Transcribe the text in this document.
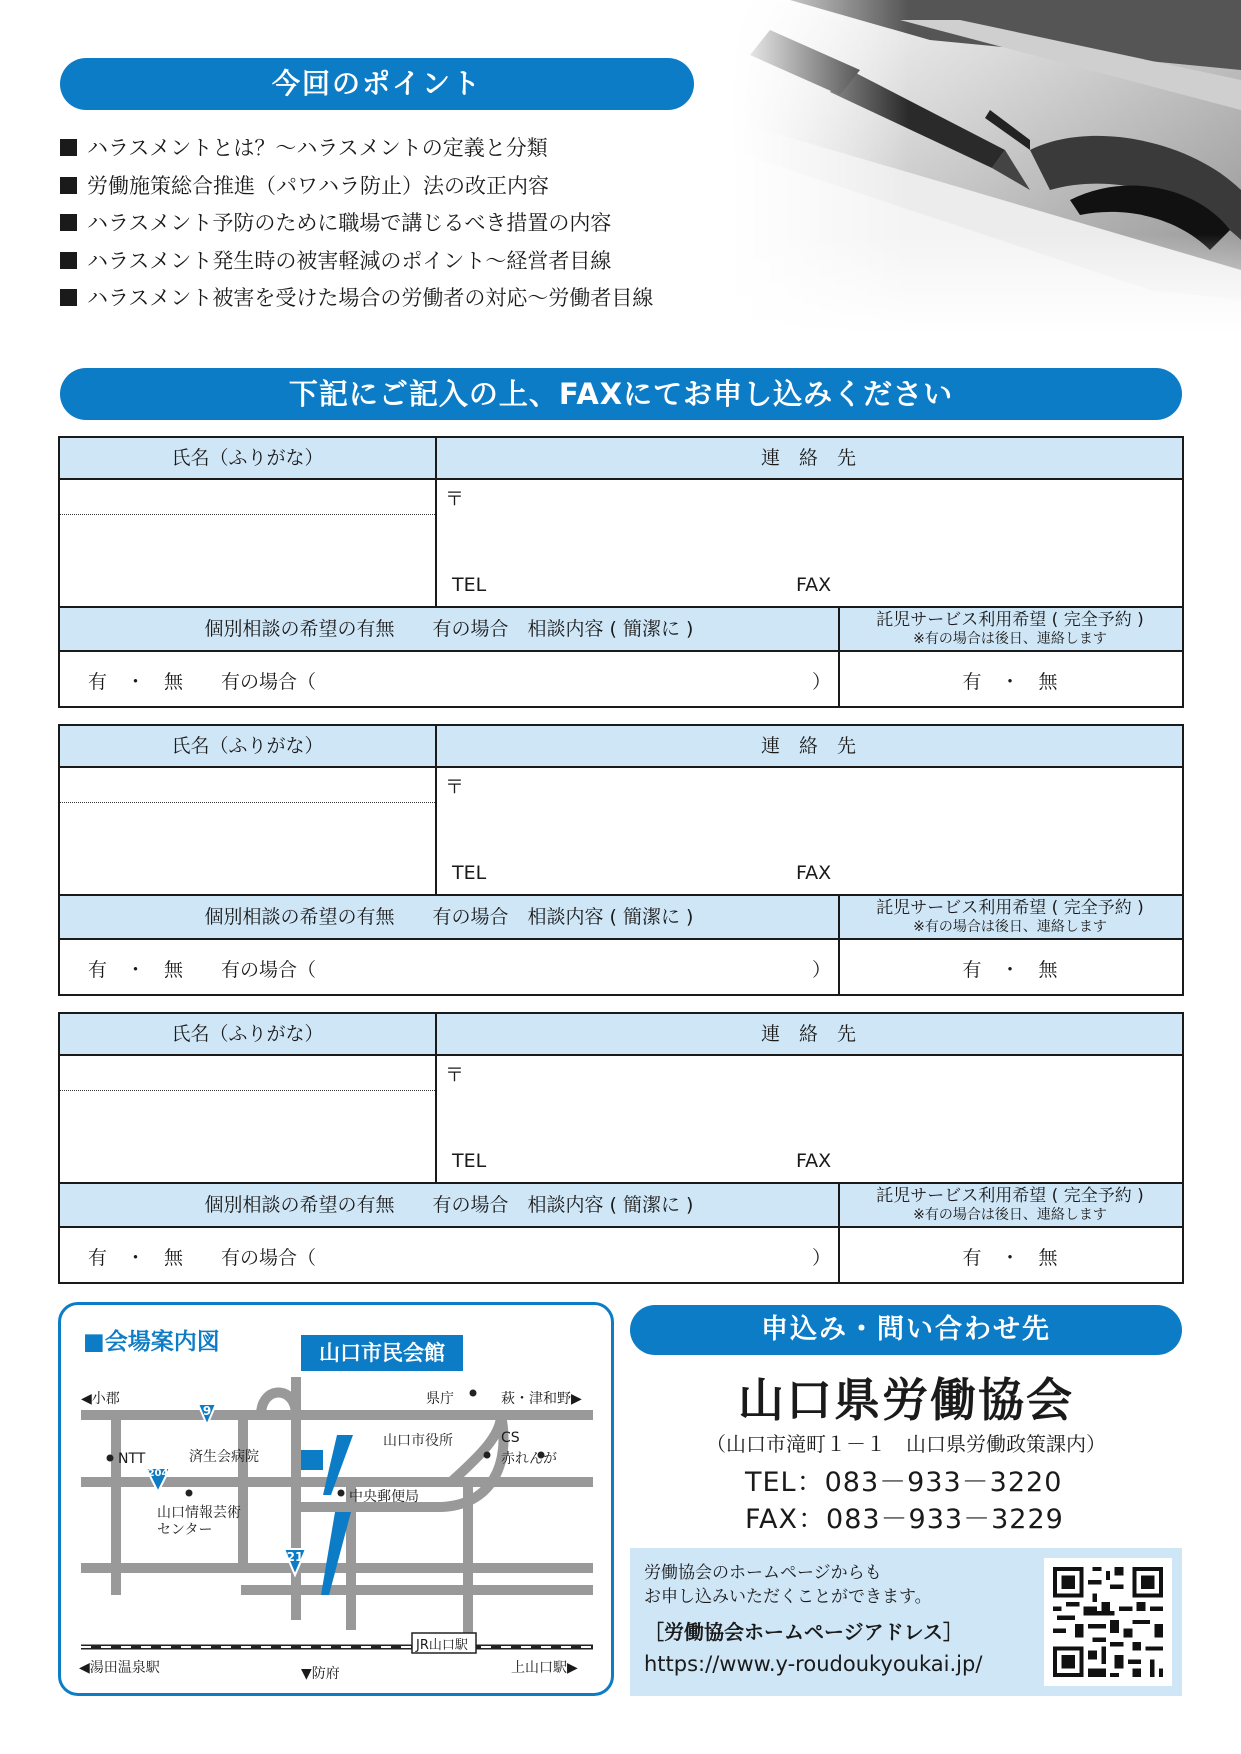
今回のポイント
ハラスメントとは？～ハラスメントの定義と分類
労働施策総合推進（パワハラ防止）法の改正内容
ハラスメント予防のために職場で講じるべき措置の内容
ハラスメント発生時の被害軽減のポイント～経営者目線
ハラスメント被害を受けた場合の労働者の対応～労働者目線
下記にご記入の上、FAXにてお申し込みください
氏名（ふりがな）	連　絡　先
〒
TEL	FAX
個別相談の希望の有無　　有の場合　相談内容 ( 簡潔に )	託児サービス利用希望 ( 完全予約 )
※有の場合は後日、連絡します
有　・　無　　有の場合（	）	有　・　無
氏名（ふりがな）	連　絡　先
〒
TEL	FAX
個別相談の希望の有無　　有の場合　相談内容 ( 簡潔に )	託児サービス利用希望 ( 完全予約 )
※有の場合は後日、連絡します
有　・　無　　有の場合（	）	有　・　無
氏名（ふりがな）	連　絡　先
〒
TEL	FAX
個別相談の希望の有無　　有の場合　相談内容 ( 簡潔に )	託児サービス利用希望 ( 完全予約 )
※有の場合は後日、連絡します
有　・　無　　有の場合（	）	有　・　無
■会場案内図	山口市民会館
9
204
21
◀小郡	県庁	萩・津和野▶
山口市役所	CS
赤れんが
済生会病院
NTT
中央郵便局
山口情報芸術
センター
JR山口駅
◀湯田温泉駅	▼防府	上山口駅▶
申込み・問い合わせ先
山口県労働協会
（山口市滝町１－１　山口県労働政策課内）
TEL：083－933－3220
FAX：083－933－3229
労働協会のホームページからも
お申し込みいただくことができます。
［労働協会ホームページアドレス］
https://www.y-roudoukyoukai.jp/
